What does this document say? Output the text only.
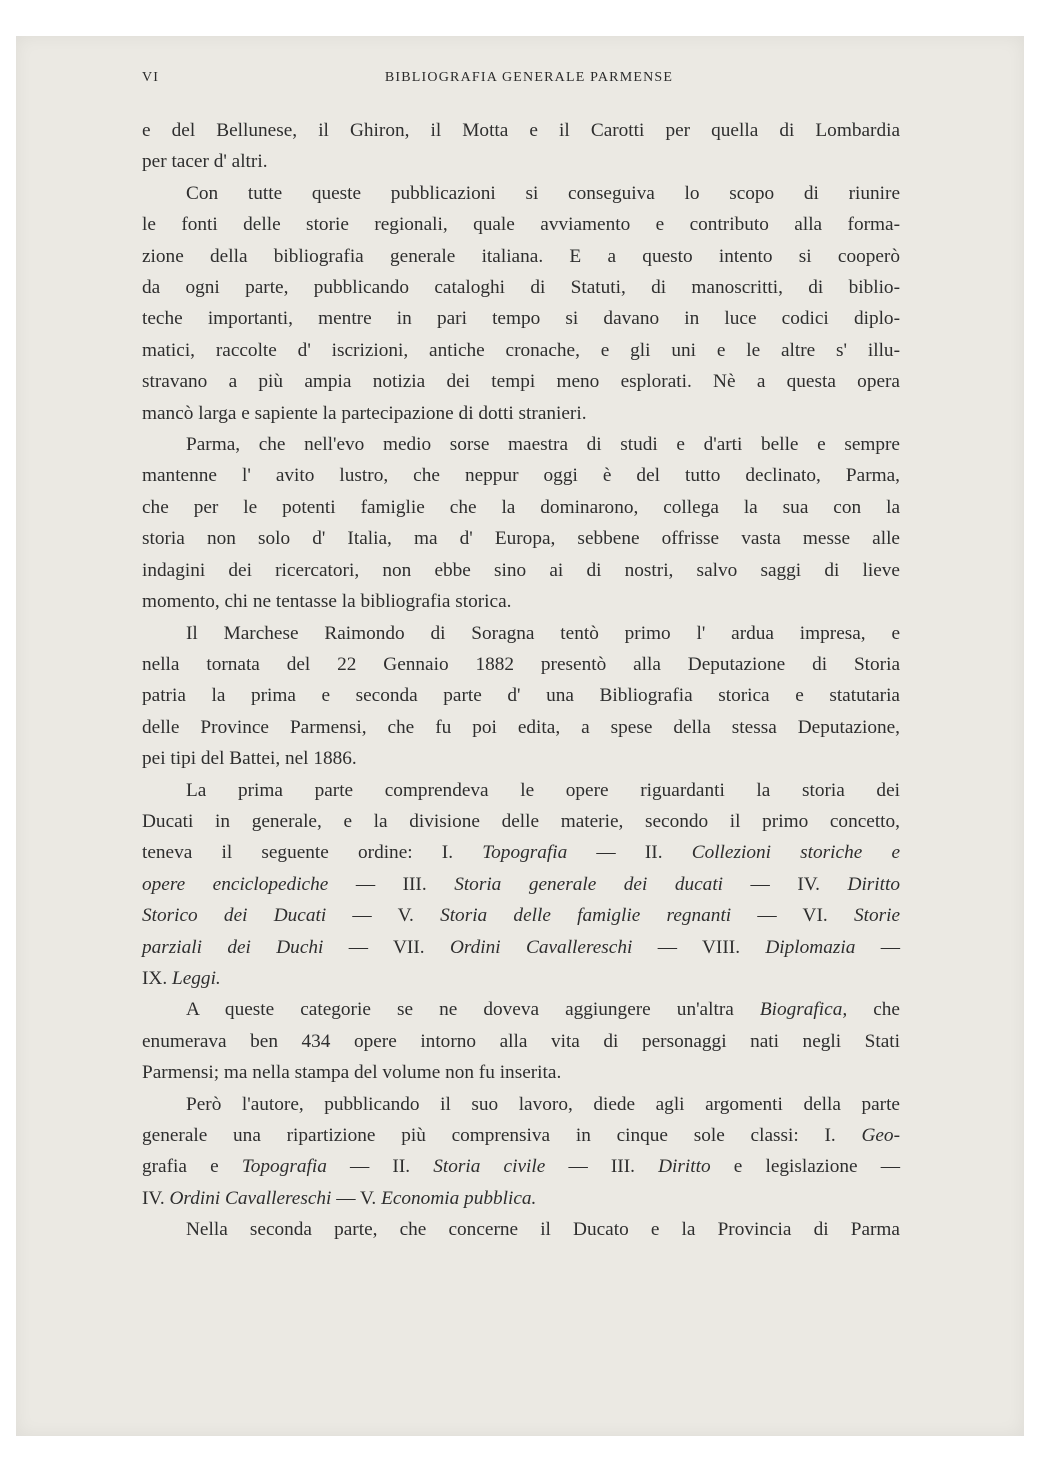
VI	BIBLIOGRAFIA GENERALE PARMENSE

e del Bellunese, il Ghiron, il Motta e il Carotti per quella di Lombardia

per tacer d' altri.

Con tutte queste pubblicazioni si conseguiva lo scopo di riunire

le fonti delle storie regionali, quale avviamento e contributo alla forma-

zione della bibliografia generale italiana. E a questo intento si cooperò

da ogni parte, pubblicando cataloghi di Statuti, di manoscritti, di biblio-

teche importanti, mentre in pari tempo si davano in luce codici diplo-

matici, raccolte d' iscrizioni, antiche cronache, e gli uni e le altre s' illu-

stravano a più ampia notizia dei tempi meno esplorati. Nè a questa opera

mancò larga e sapiente la partecipazione di dotti stranieri.

Parma, che nell'evo medio sorse maestra di studi e d'arti belle e sempre

mantenne l' avito lustro, che neppur oggi è del tutto declinato, Parma,

che per le potenti famiglie che la dominarono, collega la sua con la

storia non solo d' Italia, ma d' Europa, sebbene offrisse vasta messe alle

indagini dei ricercatori, non ebbe sino ai di nostri, salvo saggi di lieve

momento, chi ne tentasse la bibliografia storica.

Il Marchese Raimondo di Soragna tentò primo l' ardua impresa, e

nella tornata del 22 Gennaio 1882 presentò alla Deputazione di Storia

patria la prima e seconda parte d' una Bibliografia storica e statutaria

delle Province Parmensi, che fu poi edita, a spese della stessa Deputazione,

pei tipi del Battei, nel 1886.

La prima parte comprendeva le opere riguardanti la storia dei

Ducati in generale, e la divisione delle materie, secondo il primo concetto,

teneva il seguente ordine: I. Topografia — II. Collezioni storiche e

opere enciclopediche — III. Storia generale dei ducati — IV. Diritto

Storico dei Ducati — V. Storia delle famiglie regnanti — VI. Storie

parziali dei Duchi — VII. Ordini Cavallereschi — VIII. Diplomazia —

IX. Leggi.

A queste categorie se ne doveva aggiungere un'altra Biografica, che

enumerava ben 434 opere intorno alla vita di personaggi nati negli Stati

Parmensi; ma nella stampa del volume non fu inserita.

Però l'autore, pubblicando il suo lavoro, diede agli argomenti della parte

generale una ripartizione più comprensiva in cinque sole classi: I. Geo-

grafia e Topografia — II. Storia civile — III. Diritto e legislazione —

IV. Ordini Cavallereschi — V. Economia pubblica.

Nella seconda parte, che concerne il Ducato e la Provincia di Parma
